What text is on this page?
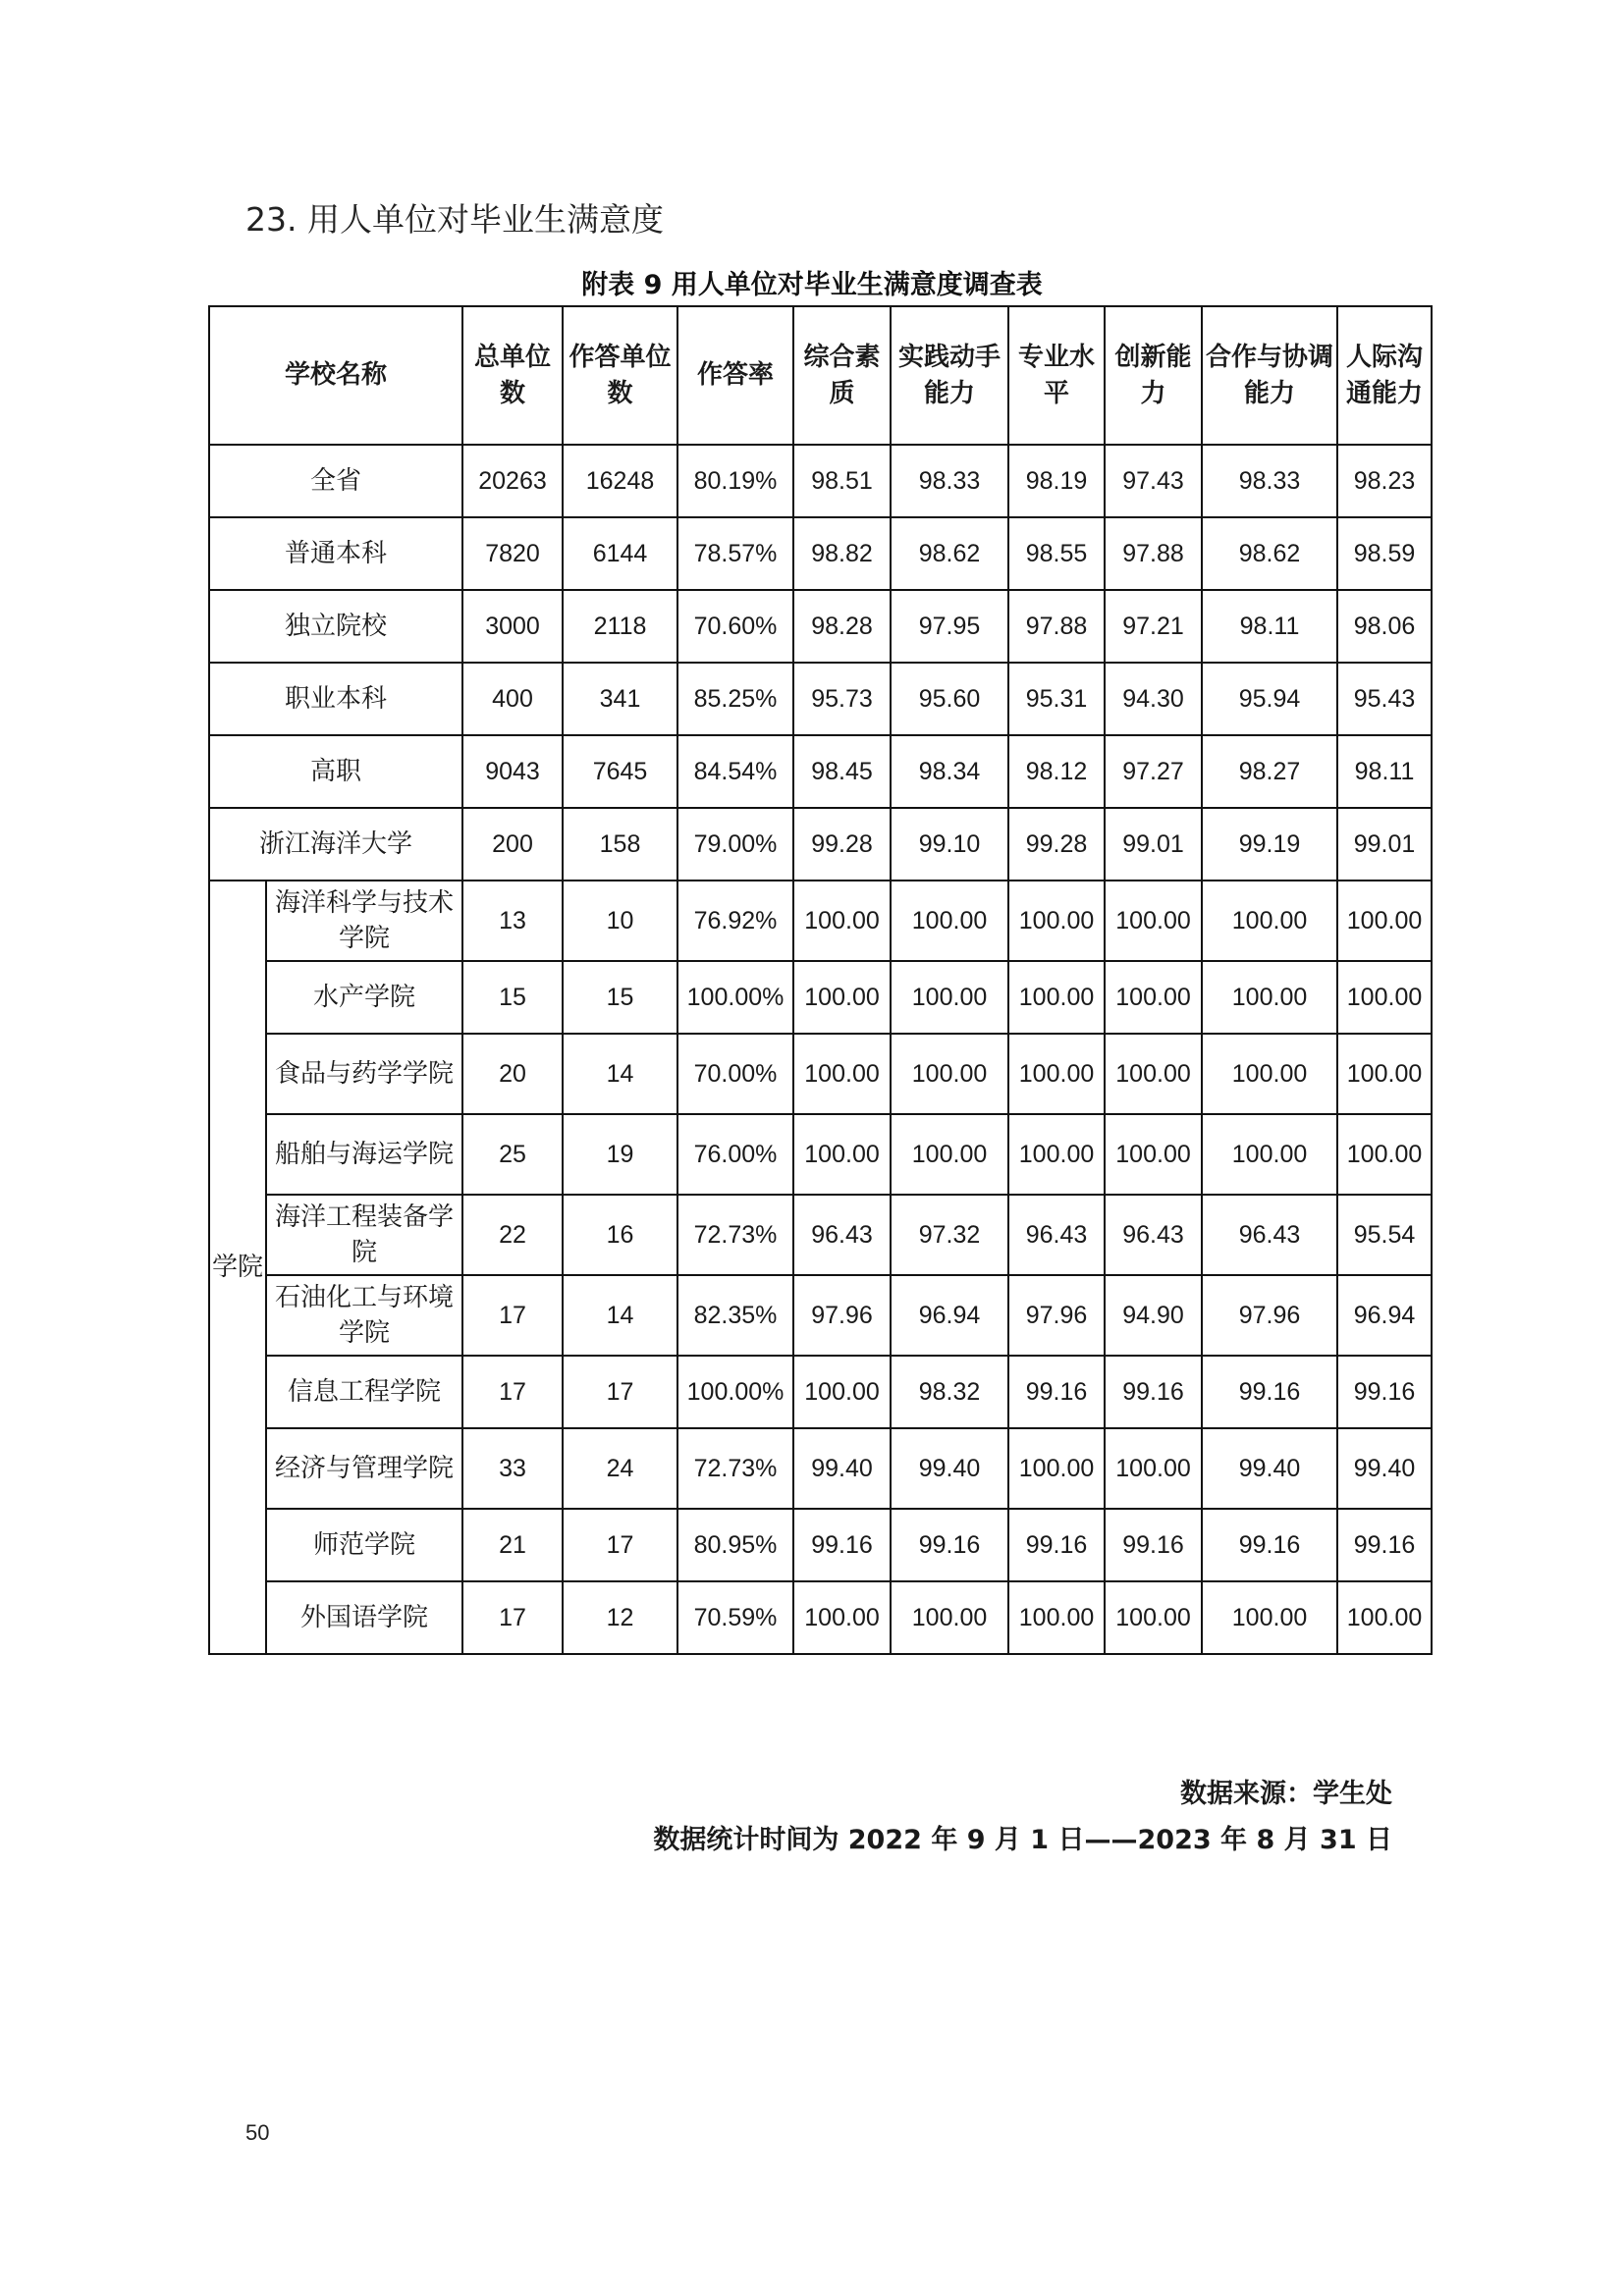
23. 用人单位对毕业生满意度
附表 9 用人单位对毕业生满意度调查表
学校名称		总单位数	作答单位数	作答率	综合素质	实践动手能力	专业水平	创新能力	合作与协调能力	人际沟通能力
全省		20263	16248	80.19%	98.51	98.33	98.19	97.43	98.33	98.23
普通本科		7820	6144	78.57%	98.82	98.62	98.55	97.88	98.62	98.59
独立院校		3000	2118	70.60%	98.28	97.95	97.88	97.21	98.11	98.06
职业本科		400	341	85.25%	95.73	95.60	95.31	94.30	95.94	95.43
高职		9043	7645	84.54%	98.45	98.34	98.12	97.27	98.27	98.11
浙江海洋大学		200	158	79.00%	99.28	99.10	99.28	99.01	99.19	99.01
学院	海洋科学与技术学院	13	10	76.92%	100.00	100.00	100.00	100.00	100.00	100.00
	水产学院	15	15	100.00%	100.00	100.00	100.00	100.00	100.00	100.00
	食品与药学学院	20	14	70.00%	100.00	100.00	100.00	100.00	100.00	100.00
	船舶与海运学院	25	19	76.00%	100.00	100.00	100.00	100.00	100.00	100.00
	海洋工程装备学院	22	16	72.73%	96.43	97.32	96.43	96.43	96.43	95.54
	石油化工与环境学院	17	14	82.35%	97.96	96.94	97.96	94.90	97.96	96.94
	信息工程学院	17	17	100.00%	100.00	98.32	99.16	99.16	99.16	99.16
	经济与管理学院	33	24	72.73%	99.40	99.40	100.00	100.00	99.40	99.40
	师范学院	21	17	80.95%	99.16	99.16	99.16	99.16	99.16	99.16
	外国语学院	17	12	70.59%	100.00	100.00	100.00	100.00	100.00	100.00
数据来源：学生处
数据统计时间为 2022 年 9 月 1 日——2023 年 8 月 31 日
50
